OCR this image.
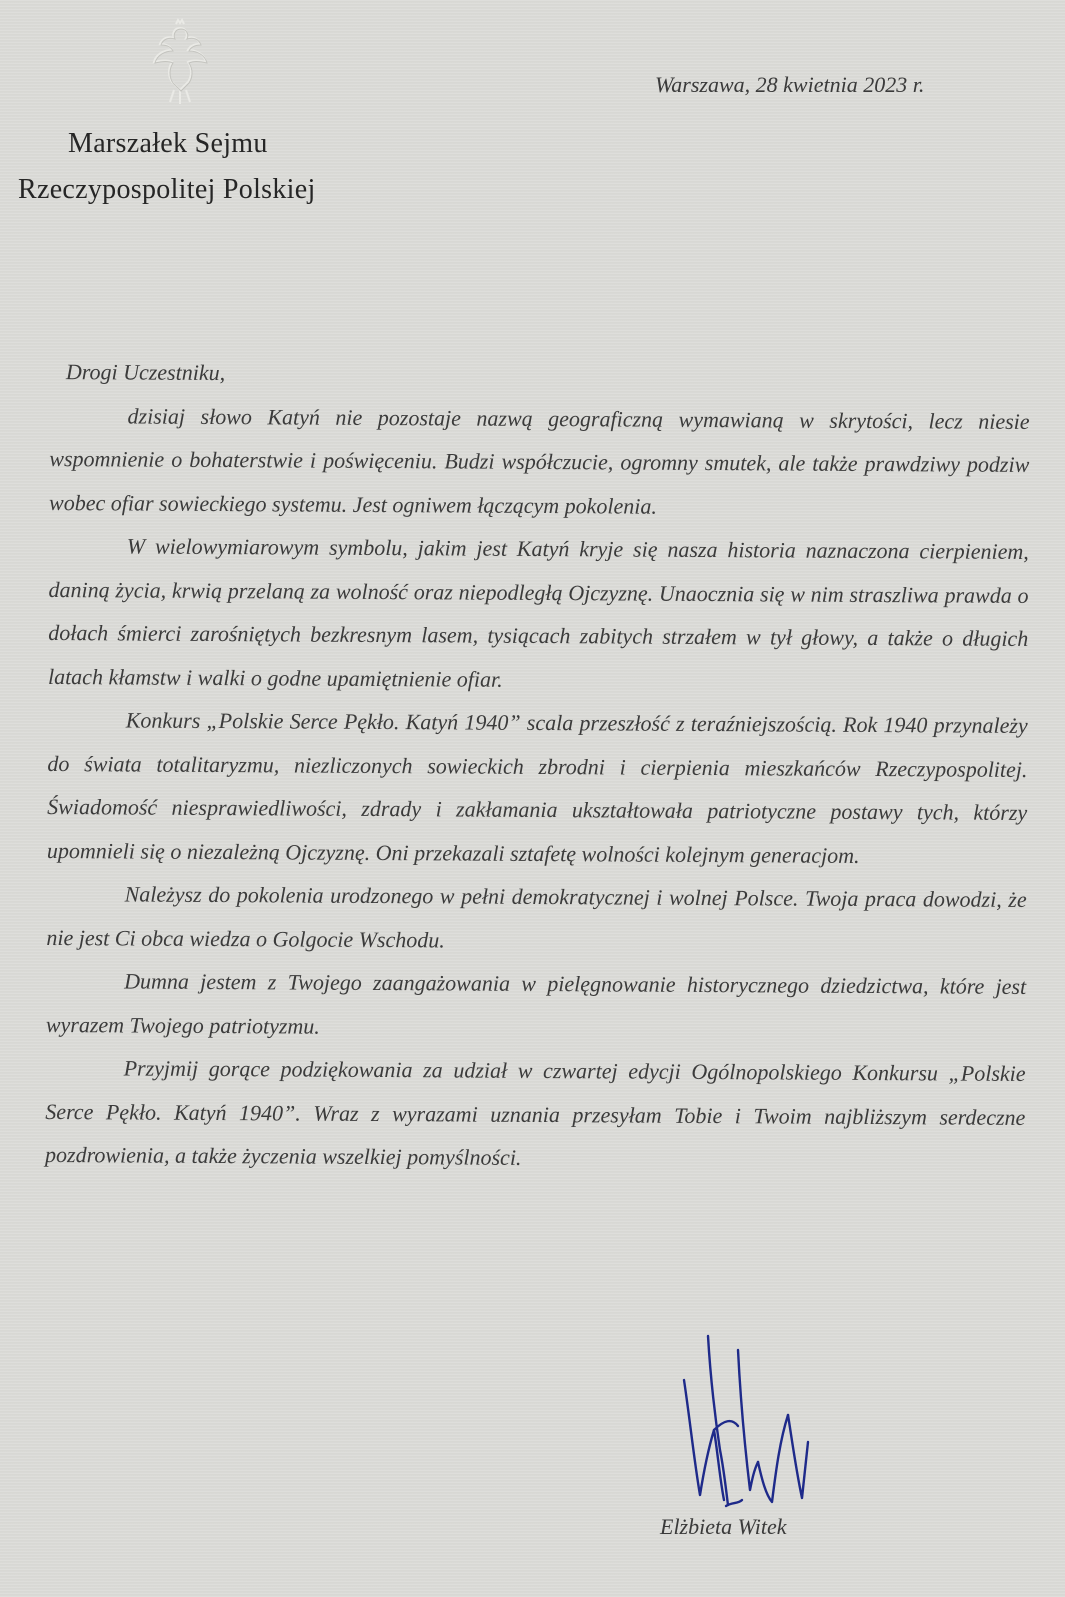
Warszawa, 28 kwietnia 2023 r.
Marszałek Sejmu
Rzeczypospolitej Polskiej

Drogi Uczestniku,

dzisiaj słowo Katyń nie pozostaje nazwą geograficzną wymawianą w skrytości, lecz niesie wspomnienie o bohaterstwie i poświęceniu. Budzi współczucie, ogromny smutek, ale także prawdziwy podziw wobec ofiar sowieckiego systemu. Jest ogniwem łączącym pokolenia.

W wielowymiarowym symbolu, jakim jest Katyń kryje się nasza historia naznaczona cierpieniem, daniną życia, krwią przelaną za wolność oraz niepodległą Ojczyznę. Unaocznia się w nim straszliwa prawda o dołach śmierci zarośniętych bezkresnym lasem, tysiącach zabitych strzałem w tył głowy, a także o długich latach kłamstw i walki o godne upamiętnienie ofiar.

Konkurs „Polskie Serce Pękło. Katyń 1940” scala przeszłość z teraźniejszością. Rok 1940 przynależy do świata totalitaryzmu, niezliczonych sowieckich zbrodni i cierpienia mieszkańców Rzeczypospolitej. Świadomość niesprawiedliwości, zdrady i zakłamania ukształtowała patriotyczne postawy tych, którzy upomnieli się o niezależną Ojczyznę. Oni przekazali sztafetę wolności kolejnym generacjom.

Należysz do pokolenia urodzonego w pełni demokratycznej i wolnej Polsce. Twoja praca dowodzi, że nie jest Ci obca wiedza o Golgocie Wschodu.

Dumna jestem z Twojego zaangażowania w pielęgnowanie historycznego dziedzictwa, które jest wyrazem Twojego patriotyzmu.

Przyjmij gorące podziękowania za udział w czwartej edycji Ogólnopolskiego Konkursu „Polskie Serce Pękło. Katyń 1940”. Wraz z wyrazami uznania przesyłam Tobie i Twoim najbliższym serdeczne pozdrowienia, a także życzenia wszelkiej pomyślności.

Elżbieta Witek
